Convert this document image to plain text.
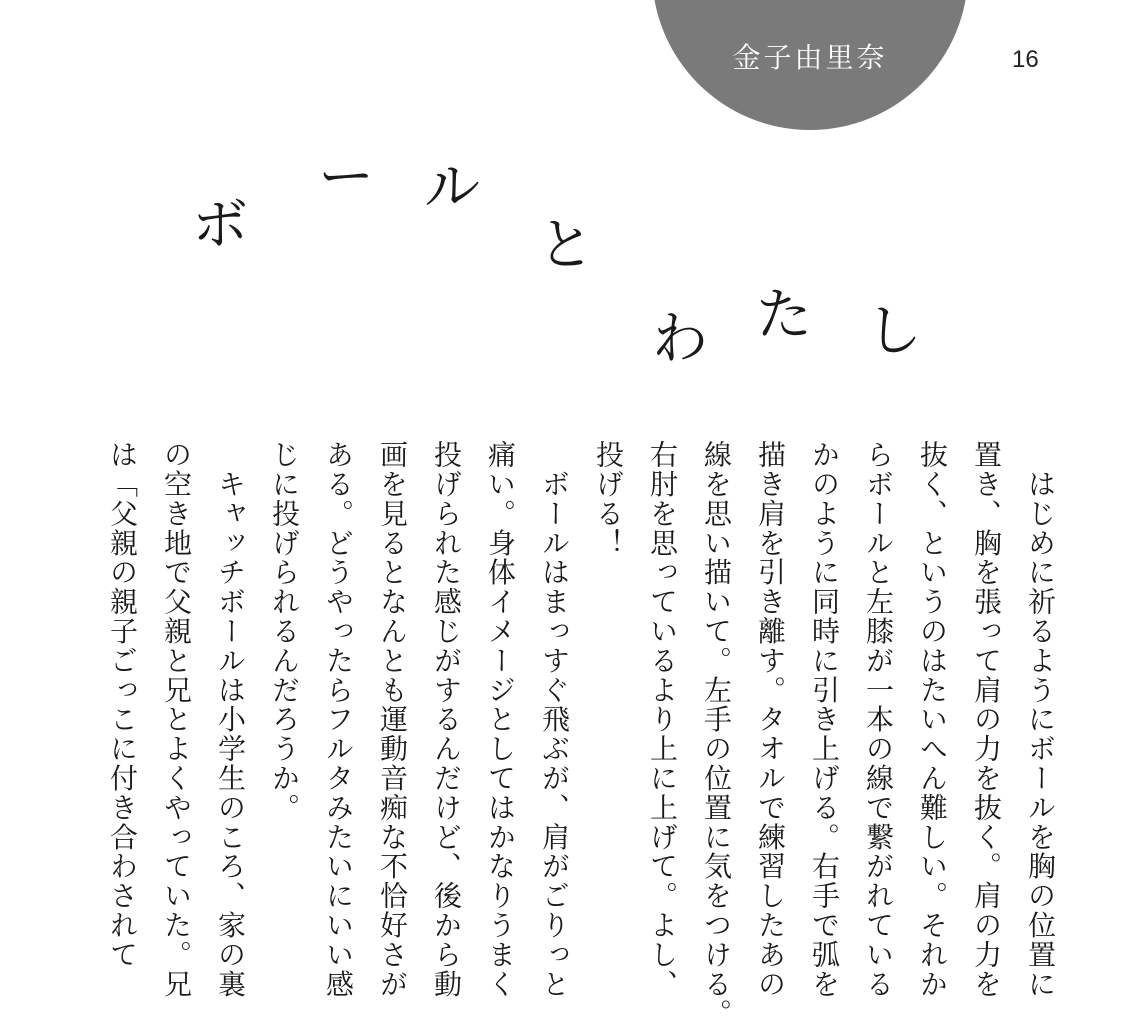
金子由里奈	16
ボ
ー ル
と
わ た し
　はじめに祈るようにボールを胸の位置に
置き、胸を張って肩の力を抜く。肩の力を
抜く、というのはたいへん難しい。それか
らボールと左膝が一本の線で繋がれている
かのように同時に引き上げる。右手で弧を
描き肩を引き離す。タオルで練習したあの
線を思い描いて。左手の位置に気をつける。
右肘を思っているより上に上げて。よし、
投げる！
　ボールはまっすぐ飛ぶが、肩がごりっと
痛い。身体イメージとしてはかなりうまく
投げられた感じがするんだけど、後から動
画を見るとなんとも運動音痴な不恰好さが
ある。どうやったらフルタみたいにいい感
じに投げられるんだろうか。
　キャッチボールは小学生のころ、家の裏
の空き地で父親と兄とよくやっていた。兄
は「父親の親子ごっこに付き合わされて
